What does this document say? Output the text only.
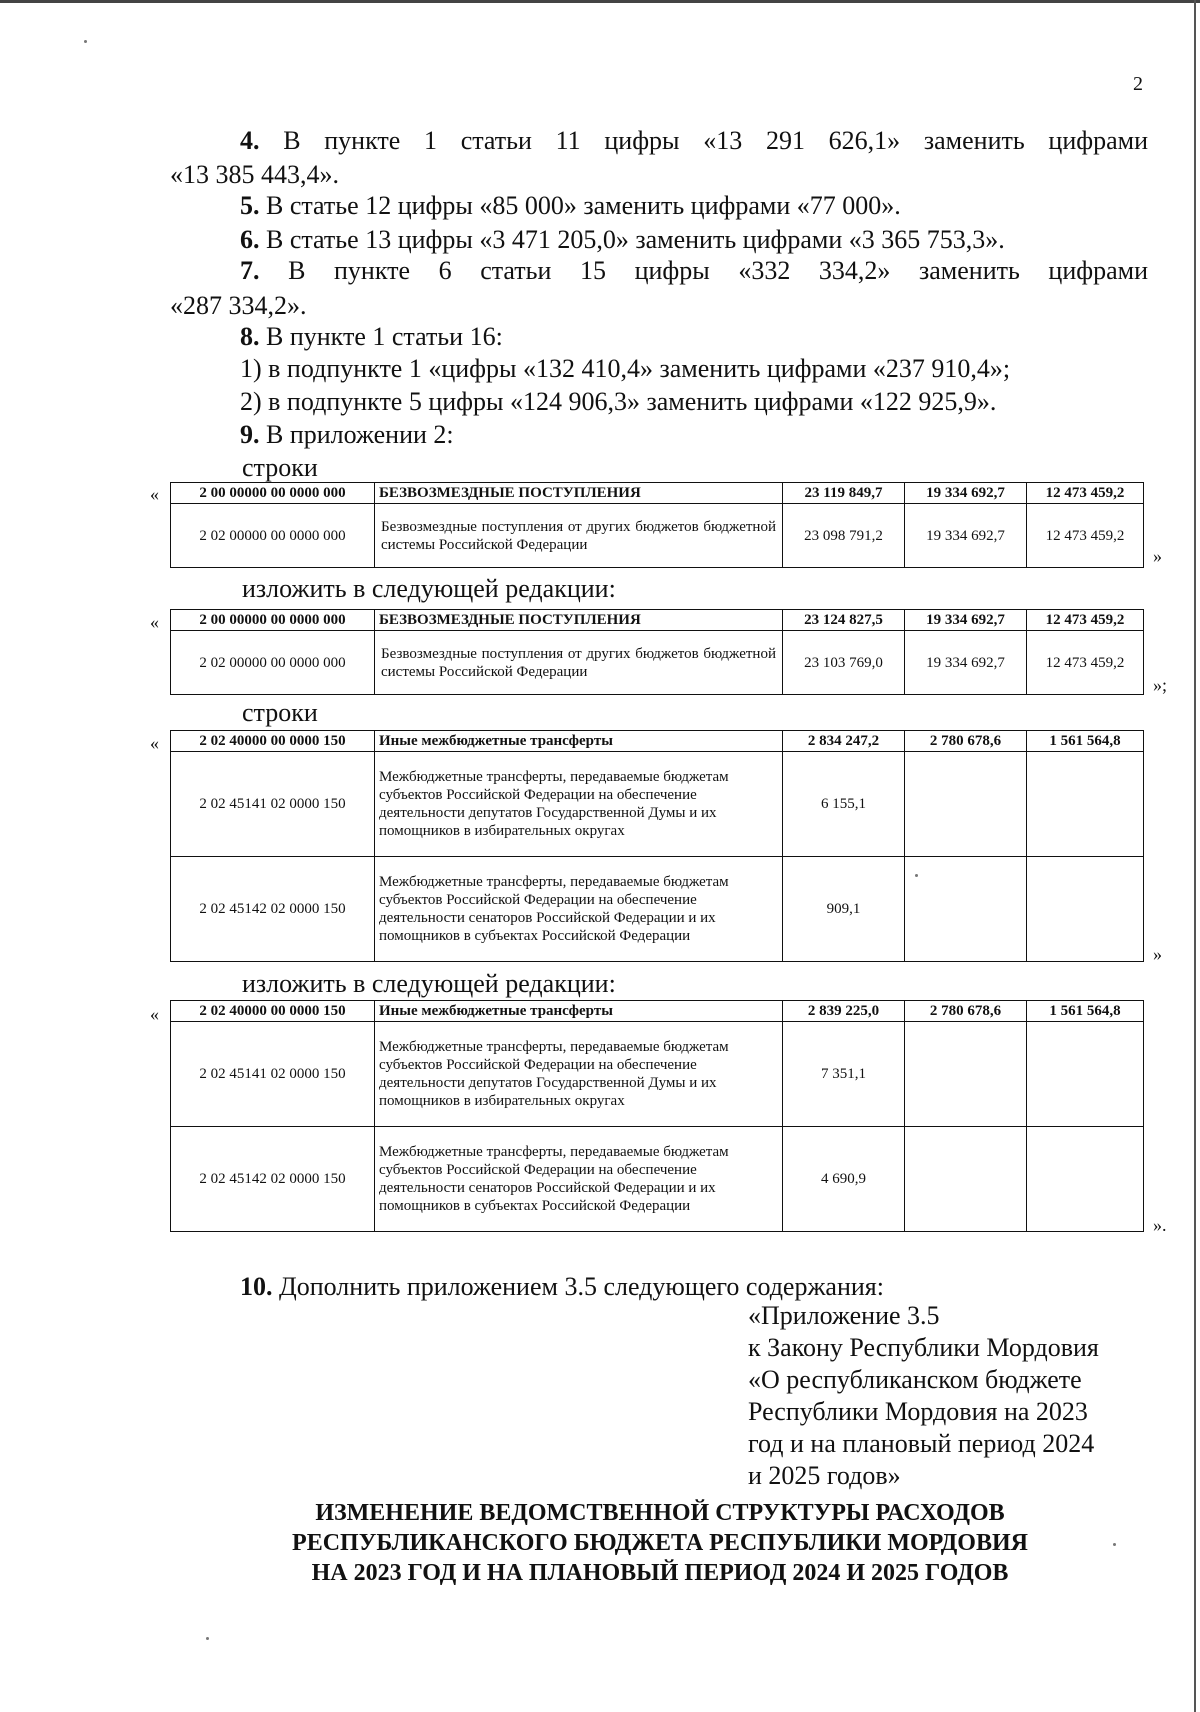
2
4. В пункте 1 статьи 11 цифры «13 291 626,1» заменить цифрами
«13 385 443,4».
5. В статье 12 цифры «85 000» заменить цифрами «77 000».
6. В статье 13 цифры «3 471 205,0» заменить цифрами «3 365 753,3».
7. В пункте 6 статьи 15 цифры «332 334,2» заменить цифрами
«287 334,2».
8. В пункте 1 статьи 16:
1) в подпункте 1 «цифры «132 410,4» заменить цифрами «237 910,4»;
2) в подпункте 5 цифры «124 906,3» заменить цифрами «122 925,9».
9. В приложении 2:
строки
«	2 00 00000 00 0000 000	БЕЗВОЗМЕЗДНЫЕ ПОСТУПЛЕНИЯ	23 119 849,7	19 334 692,7	12 473 459,2
2 02 00000 00 0000 000	Безвозмездные поступления от других бюджетов бюджетной системы Российской Федерации	23 098 791,2	19 334 692,7	12 473 459,2
»
изложить в следующей редакции:
«	2 00 00000 00 0000 000	БЕЗВОЗМЕЗДНЫЕ ПОСТУПЛЕНИЯ	23 124 827,5	19 334 692,7	12 473 459,2
2 02 00000 00 0000 000	Безвозмездные поступления от других бюджетов бюджетной системы Российской Федерации	23 103 769,0	19 334 692,7	12 473 459,2
»;
строки
«	2 02 40000 00 0000 150	Иные межбюджетные трансферты	2 834 247,2	2 780 678,6	1 561 564,8
2 02 45141 02 0000 150	Межбюджетные трансферты, передаваемые бюджетам субъектов Российской Федерации на обеспечение деятельности депутатов Государственной Думы и их помощников в избирательных округах	6 155,1		
2 02 45142 02 0000 150	Межбюджетные трансферты, передаваемые бюджетам субъектов Российской Федерации на обеспечение деятельности сенаторов Российской Федерации и их помощников в субъектах Российской Федерации	909,1		
»
изложить в следующей редакции:
«	2 02 40000 00 0000 150	Иные межбюджетные трансферты	2 839 225,0	2 780 678,6	1 561 564,8
2 02 45141 02 0000 150	Межбюджетные трансферты, передаваемые бюджетам субъектов Российской Федерации на обеспечение деятельности депутатов Государственной Думы и их помощников в избирательных округах	7 351,1		
2 02 45142 02 0000 150	Межбюджетные трансферты, передаваемые бюджетам субъектов Российской Федерации на обеспечение деятельности сенаторов Российской Федерации и их помощников в субъектах Российской Федерации	4 690,9		
».
10. Дополнить приложением 3.5 следующего содержания:
«Приложение 3.5
к Закону Республики Мордовия
«О республиканском бюджете
Республики Мордовия на 2023
год и на плановый период 2024
и 2025 годов»
ИЗМЕНЕНИЕ ВЕДОМСТВЕННОЙ СТРУКТУРЫ РАСХОДОВ
РЕСПУБЛИКАНСКОГО БЮДЖЕТА РЕСПУБЛИКИ МОРДОВИЯ
НА 2023 ГОД И НА ПЛАНОВЫЙ ПЕРИОД 2024 И 2025 ГОДОВ
